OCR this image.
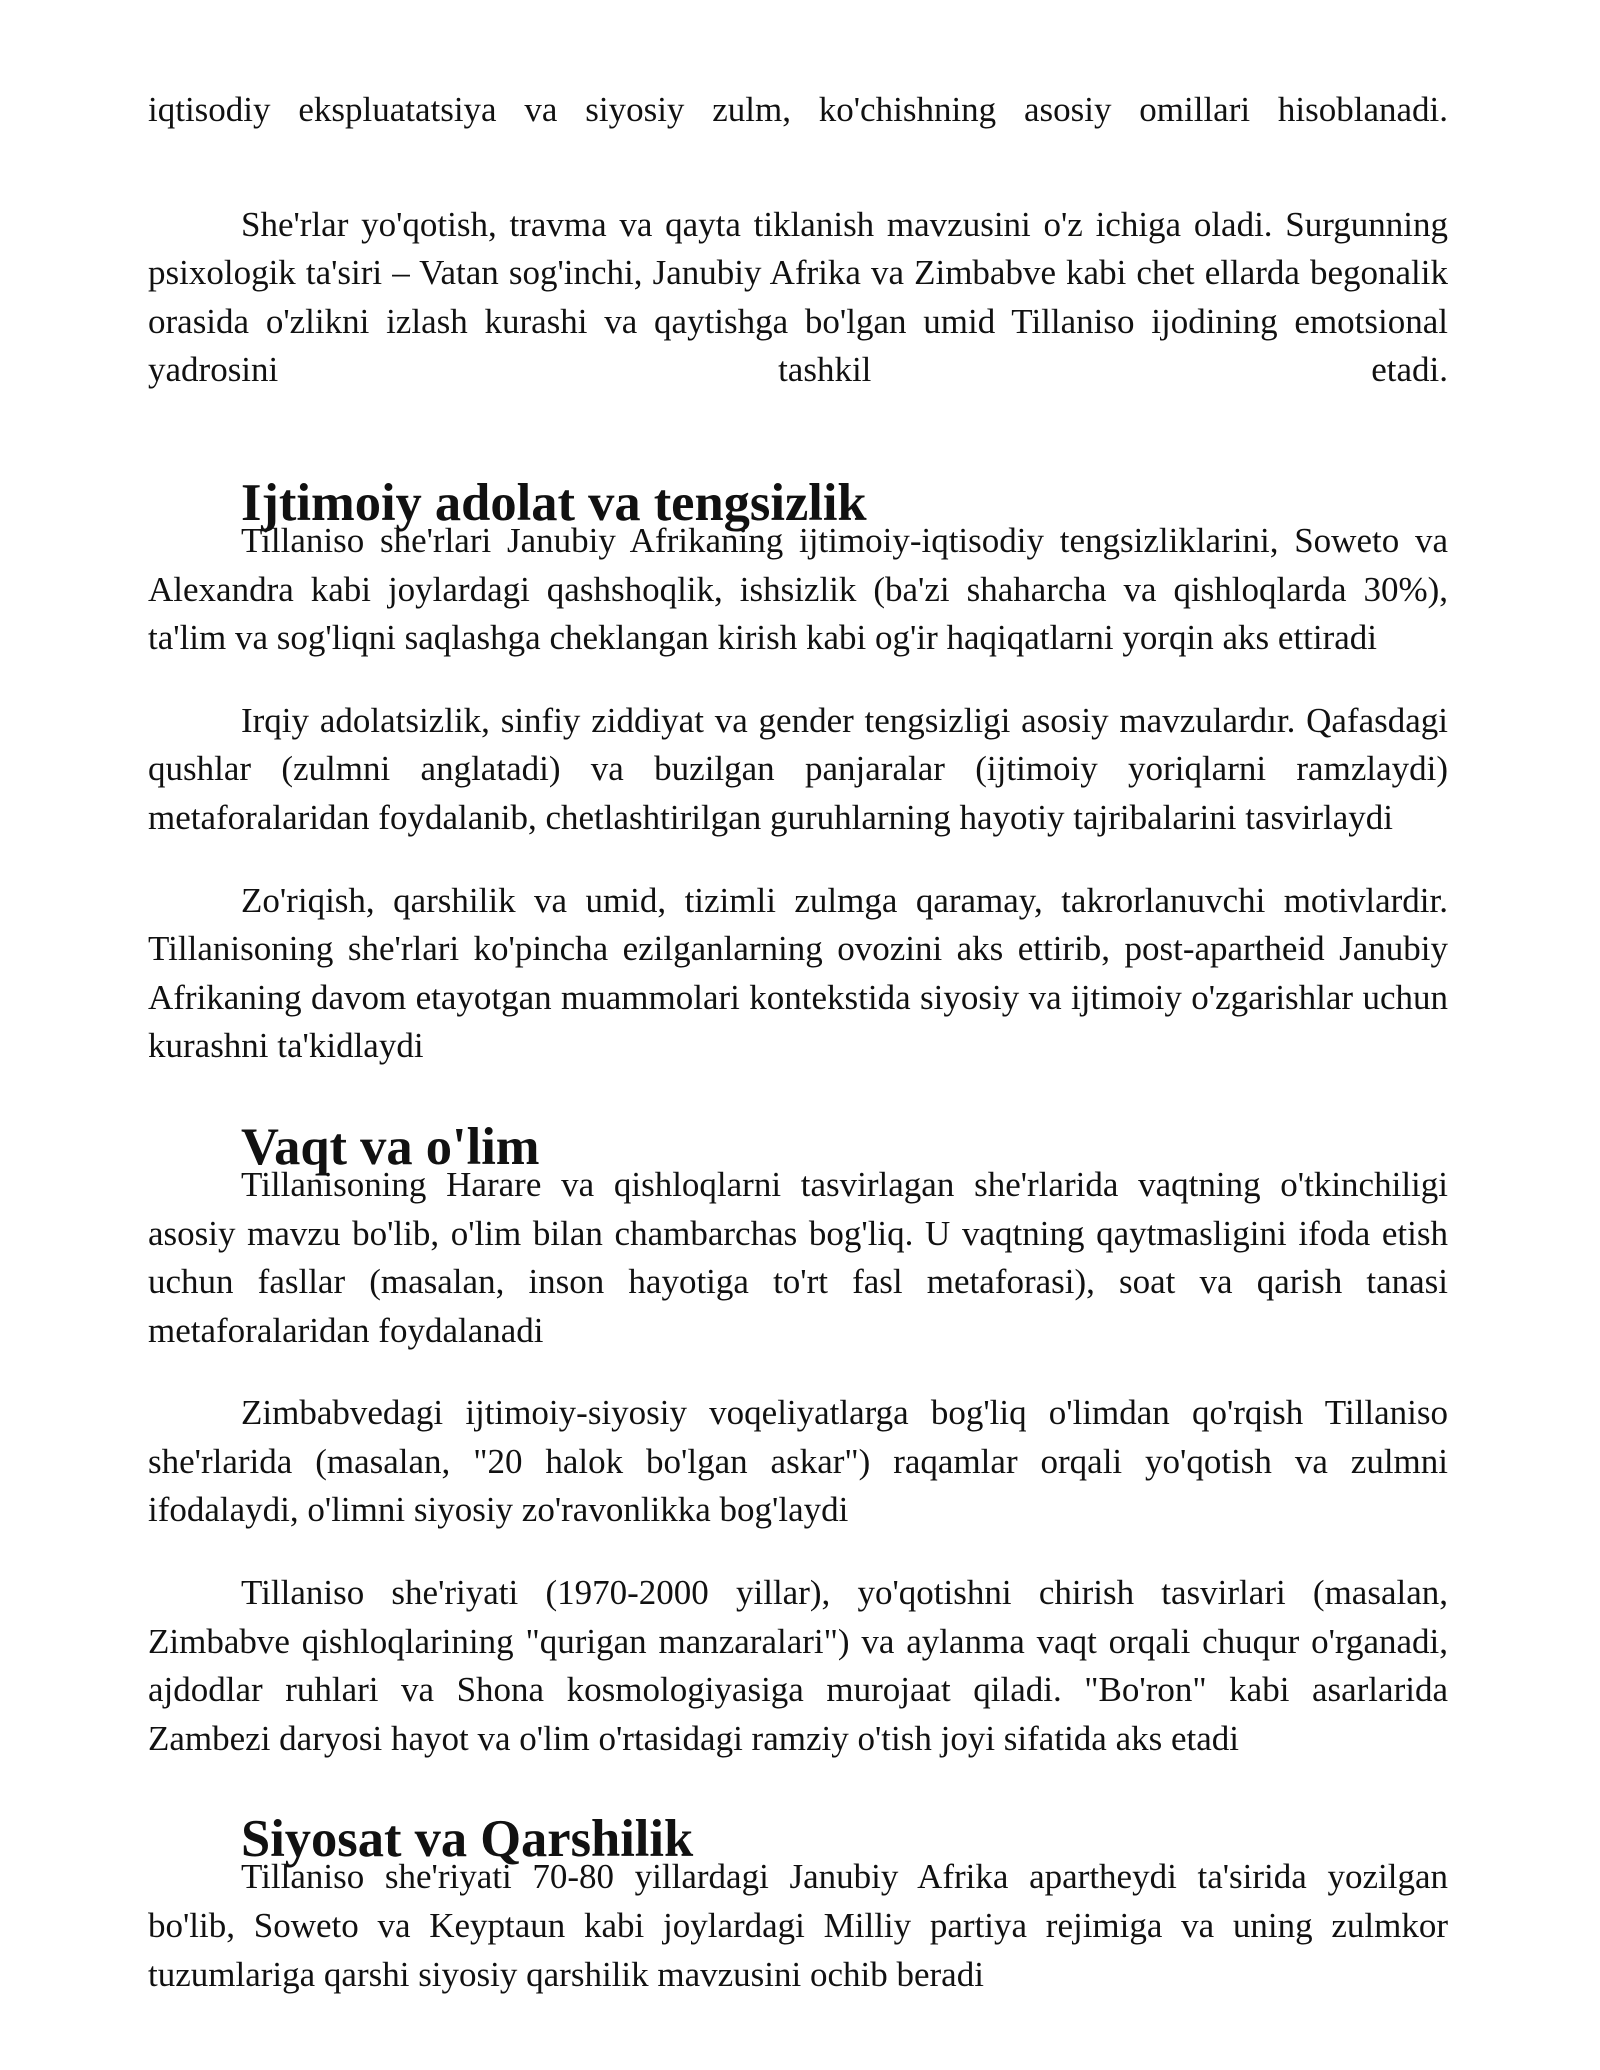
iqtisodiy ekspluatatsiya va siyosiy zulm, ko'chishning asosiy omillari hisoblanadi.

She'rlar yo'qotish, travma va qayta tiklanish mavzusini o'z ichiga oladi. Surgunning psixologik ta'siri – Vatan sog'inchi, Janubiy Afrika va Zimbabve kabi chet ellarda begonalik orasida o'zlikni izlash kurashi va qaytishga bo'lgan umid Tillaniso ijodining emotsional yadrosini tashkil etadi.

Ijtimoiy adolat va tengsizlik

Tillaniso she'rlari Janubiy Afrikaning ijtimoiy-iqtisodiy tengsizliklarini, Soweto va Alexandra kabi joylardagi qashshoqlik, ishsizlik (ba'zi shaharcha va qishloqlarda 30%), ta'lim va sog'liqni saqlashga cheklangan kirish kabi og'ir haqiqatlarni yorqin aks ettiradi

Irqiy adolatsizlik, sinfiy ziddiyat va gender tengsizligi asosiy mavzulardır. Qafasdagi qushlar (zulmni anglatadi) va buzilgan panjaralar (ijtimoiy yoriqlarni ramzlaydi) metaforalaridan foydalanib, chetlashtirilgan guruhlarning hayotiy tajribalarini tasvirlaydi

Zo'riqish, qarshilik va umid, tizimli zulmga qaramay, takrorlanuvchi motivlardir. Tillanisoning she'rlari ko'pincha ezilganlarning ovozini aks ettirib, post-apartheid Janubiy Afrikaning davom etayotgan muammolari kontekstida siyosiy va ijtimoiy o'zgarishlar uchun kurashni ta'kidlaydi

Vaqt va o'lim

Tillanisoning Harare va qishloqlarni tasvirlagan she'rlarida vaqtning o'tkinchiligi asosiy mavzu bo'lib, o'lim bilan chambarchas bog'liq. U vaqtning qaytmasligini ifoda etish uchun fasllar (masalan, inson hayotiga to'rt fasl metaforasi), soat va qarish tanasi metaforalaridan foydalanadi

Zimbabvedagi ijtimoiy-siyosiy voqeliyatlarga bog'liq o'limdan qo'rqish Tillaniso she'rlarida (masalan, "20 halok bo'lgan askar") raqamlar orqali yo'qotish va zulmni ifodalaydi, o'limni siyosiy zo'ravonlikka bog'laydi

Tillaniso she'riyati (1970-2000 yillar), yo'qotishni chirish tasvirlari (masalan, Zimbabve qishloqlarining "qurigan manzaralari") va aylanma vaqt orqali chuqur o'rganadi, ajdodlar ruhlari va Shona kosmologiyasiga murojaat qiladi. "Bo'ron" kabi asarlarida Zambezi daryosi hayot va o'lim o'rtasidagi ramziy o'tish joyi sifatida aks etadi

Siyosat va Qarshilik

Tillaniso she'riyati 70-80 yillardagi Janubiy Afrika apartheydi ta'sirida yozilgan bo'lib, Soweto va Keyptaun kabi joylardagi Milliy partiya rejimiga va uning zulmkor tuzumlariga qarshi siyosiy qarshilik mavzusini ochib beradi
